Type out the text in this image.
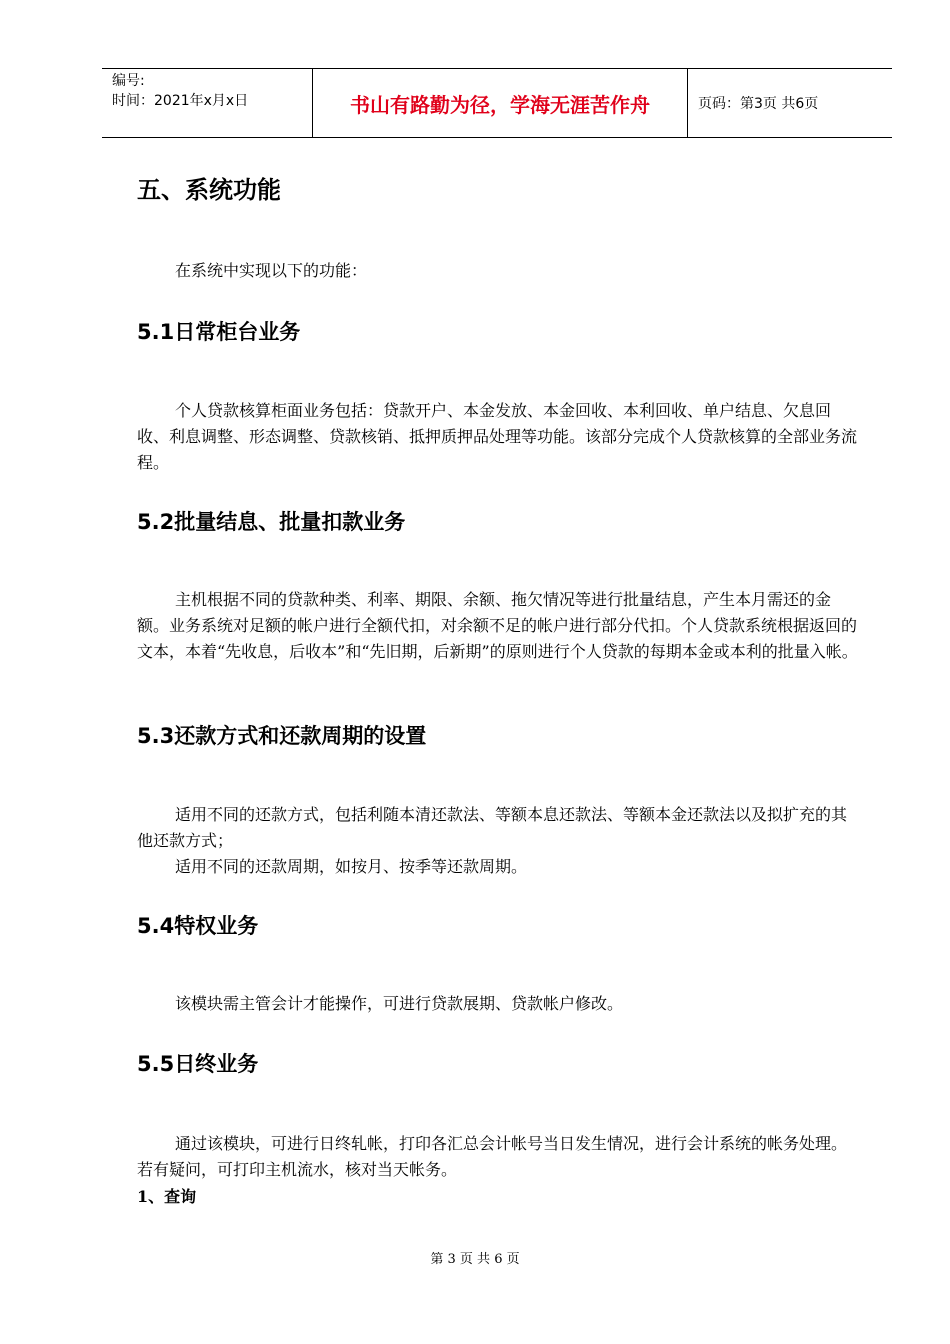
编号:
时间：2021年x月x日	书山有路勤为径，学海无涯苦作舟	页码：第3页 共6页
五、系统功能

在系统中实现以下的功能：

5.1日常柜台业务

个人贷款核算柜面业务包括：贷款开户、本金发放、本金回收、本利回收、单户结息、欠息回收、利息调整、形态调整、贷款核销、抵押质押品处理等功能。该部分完成个人贷款核算的全部业务流程。

5.2批量结息、批量扣款业务

主机根据不同的贷款种类、利率、期限、余额、拖欠情况等进行批量结息，产生本月需还的金额。业务系统对足额的帐户进行全额代扣，对余额不足的帐户进行部分代扣。个人贷款系统根据返回的文本，本着“先收息，后收本”和“先旧期，后新期”的原则进行个人贷款的每期本金或本利的批量入帐。

5.3还款方式和还款周期的设置

适用不同的还款方式，包括利随本清还款法、等额本息还款法、等额本金还款法以及拟扩充的其他还款方式；

适用不同的还款周期，如按月、按季等还款周期。

5.4特权业务

该模块需主管会计才能操作，可进行贷款展期、贷款帐户修改。

5.5日终业务

通过该模块，可进行日终轧帐，打印各汇总会计帐号当日发生情况，进行会计系统的帐务处理。若有疑问，可打印主机流水，核对当天帐务。

1、查询
第 3 页 共 6 页
